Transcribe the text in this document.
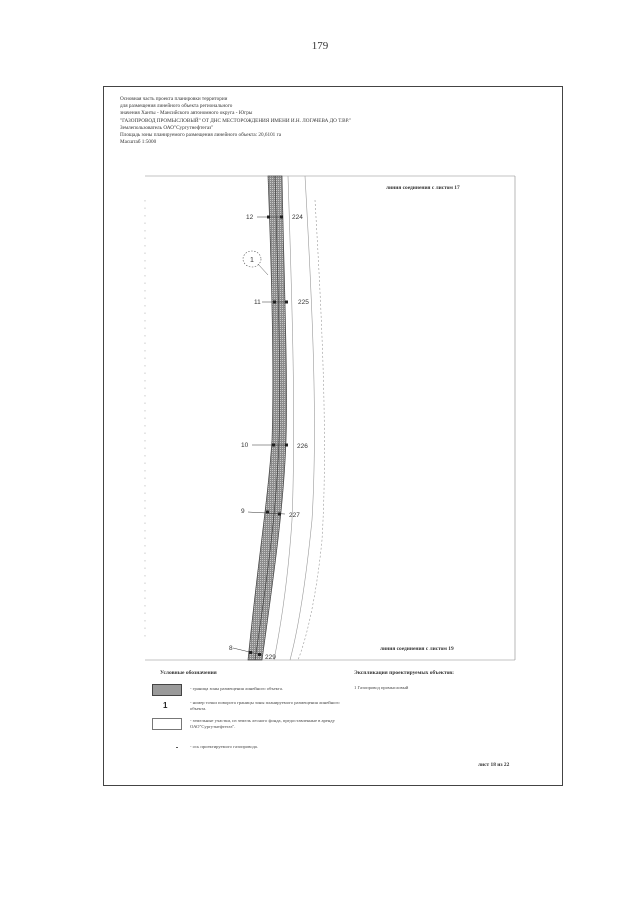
179
Основная часть проекта планировки территории
для размещения линейного объекта регионального
значения Ханты - Мансийского автономного округа - Югры
"ГАЗОПРОВОД ПРОМЫСЛОВЫЙ" ОТ ДНС МЕСТОРОЖДЕНИЯ ИМЕНИ И.Н. ЛОГАЧЕВА ДО Т.ВР."
Землепользователь ОАО"Сургутнефтегаз"
Площадь зоны планируемого размещения линейного объекта: 20,6101 га
Масштаб 1:5000
1
12	224
11	225
10	226
9
227
8
229
линия соединения с листом 17
линия соединения с листом 19
Условные обозначения
- граница зоны размещения линейного объекта.
1	- номер точки поворота границы зоны планируемого размещения линейного объекта.
- земельные участки, из земель лесного фонда, предоставленные в аренду ОАО"Сургутнефтегаз".
- ось проектируемого газопровода.
Экспликация проектируемых объектов:
1 Газопровод промысловый
лист 18 из 22
